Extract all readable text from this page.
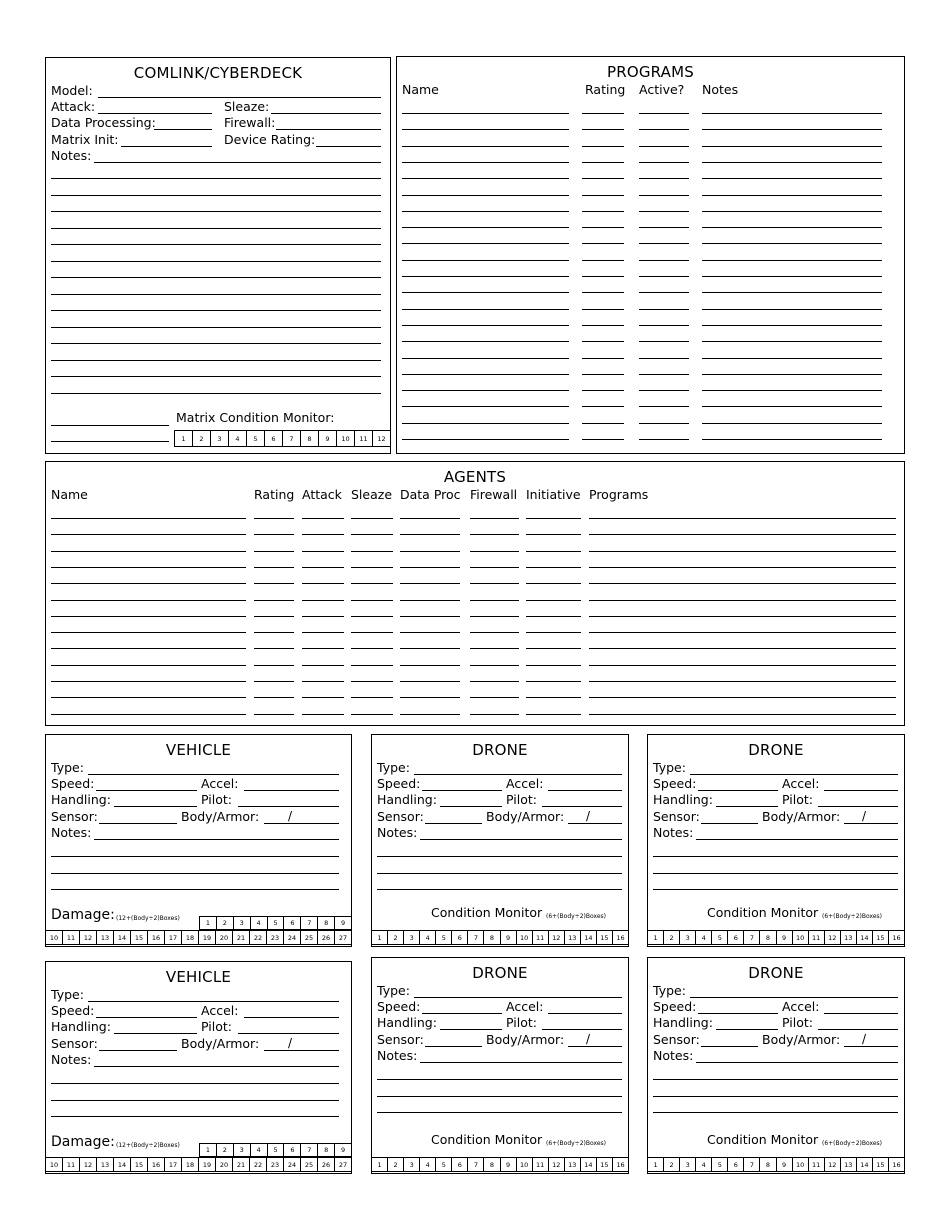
COMLINK/CYBERDECK
Model:
Attack:	Sleaze:
Data Processing:	Firewall:
Matrix Init:	Device Rating:
Notes:
Matrix Condition Monitor:
1	2	3	4	5	6	7	8	9	10	11	12
PROGRAMS
Name	Rating Active? Notes
AGENTS
Name	Rating Attack Sleaze Data Proc Firewall Initiative Programs
VEHICLE
Type:
Speed:	Accel:
Handling:	Pilot:
Sensor:	Body/Armor: /
Notes:
Damage: (12+(Body÷2)Boxes)
1	2	3	4	5	6	7	8	9
10	11	12	13	14	15	16	17	18	19	20	21	22	23	24	25	26	27
VEHICLE
Type:
Speed:	Accel:
Handling:	Pilot:
Sensor:	Body/Armor: /
Notes:
Damage: (12+(Body÷2)Boxes)
1	2	3	4	5	6	7	8	9
10	11	12	13	14	15	16	17	18	19	20	21	22	23	24	25	26	27
DRONE
Type:
Speed:	Accel:
Handling:	Pilot:
Sensor:	Body/Armor: /
Notes:
Condition Monitor (6+(Body÷2)Boxes)
1	2	3	4	5	6	7	8	9	10	11	12	13	14	15	16
DRONE
Type:
Speed:	Accel:
Handling:	Pilot:
Sensor:	Body/Armor: /
Notes:
Condition Monitor (6+(Body÷2)Boxes)
1	2	3	4	5	6	7	8	9	10	11	12	13	14	15	16
DRONE
Type:
Speed:	Accel:
Handling:	Pilot:
Sensor:	Body/Armor: /
Notes:
Condition Monitor (6+(Body÷2)Boxes)
1	2	3	4	5	6	7	8	9	10	11	12	13	14	15	16
DRONE
Type:
Speed:	Accel:
Handling:	Pilot:
Sensor:	Body/Armor: /
Notes:
Condition Monitor (6+(Body÷2)Boxes)
1	2	3	4	5	6	7	8	9	10	11	12	13	14	15	16
